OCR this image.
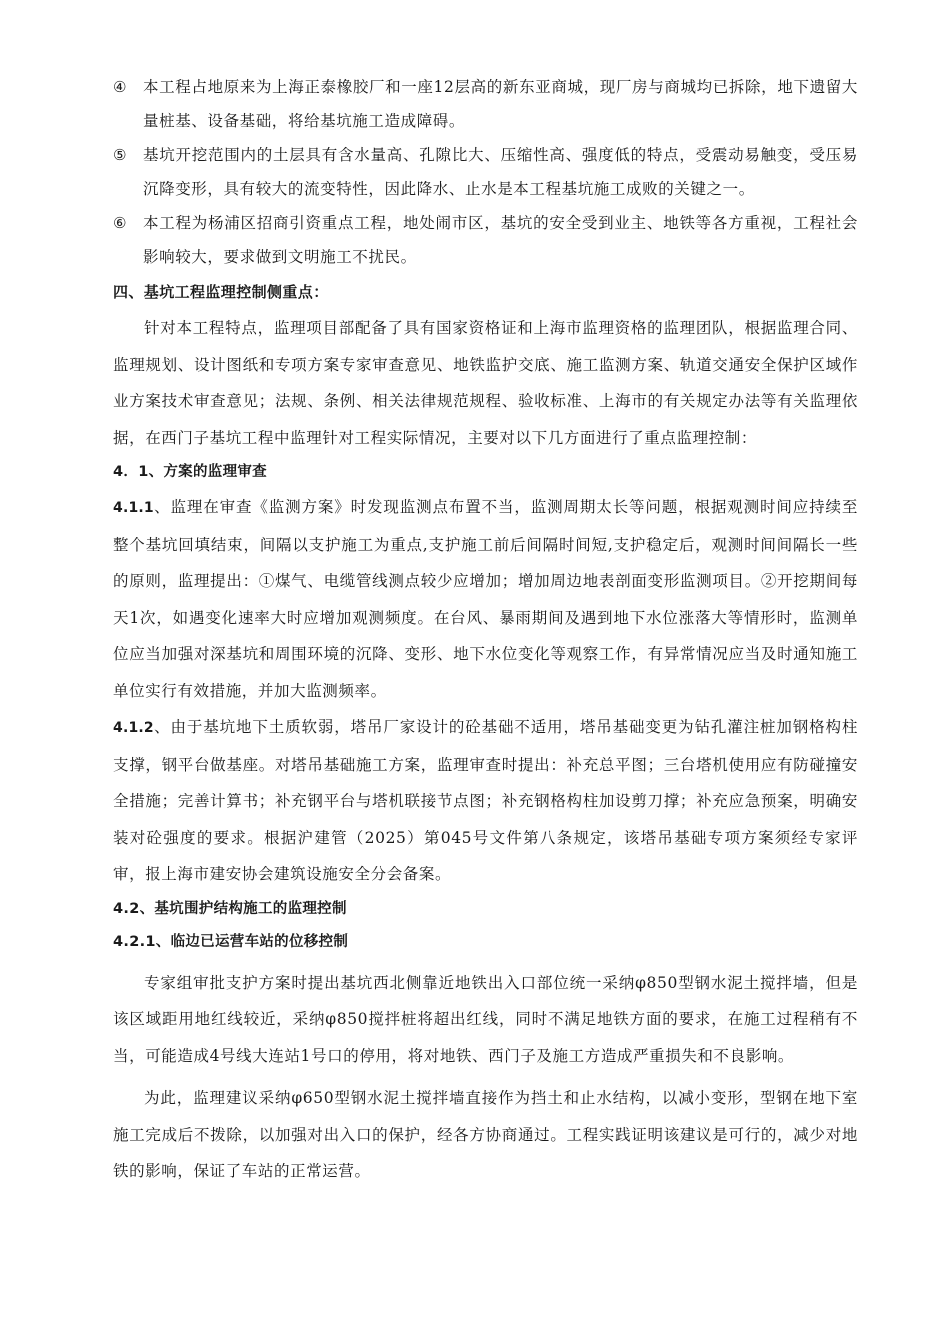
④	本工程占地原来为上海正泰橡胶厂和一座12层高的新东亚商城，现厂房与商城均已拆除，地下遗留大量桩基、设备基础，将给基坑施工造成障碍。
⑤	基坑开挖范围内的土层具有含水量高、孔隙比大、压缩性高、强度低的特点，受震动易触变，受压易沉降变形，具有较大的流变特性，因此降水、止水是本工程基坑施工成败的关键之一。
⑥	本工程为杨浦区招商引资重点工程，地处闹市区，基坑的安全受到业主、地铁等各方重视，工程社会影响较大，要求做到文明施工不扰民。
四、基坑工程监理控制侧重点：
针对本工程特点，监理项目部配备了具有国家资格证和上海市监理资格的监理团队，根据监理合同、监理规划、设计图纸和专项方案专家审查意见、地铁监护交底、施工监测方案、轨道交通安全保护区域作业方案技术审查意见；法规、条例、相关法律规范规程、验收标准、上海市的有关规定办法等有关监理依据，在西门子基坑工程中监理针对工程实际情况，主要对以下几方面进行了重点监理控制：
4．1、方案的监理审查
4.1.1、监理在审查《监测方案》时发现监测点布置不当，监测周期太长等问题，根据观测时间应持续至整个基坑回填结束，间隔以支护施工为重点,支护施工前后间隔时间短,支护稳定后，观测时间间隔长一些的原则，监理提出：①煤气、电缆管线测点较少应增加；增加周边地表剖面变形监测项目。②开挖期间每天1次，如遇变化速率大时应增加观测频度。在台风、暴雨期间及遇到地下水位涨落大等情形时，监测单位应当加强对深基坑和周围环境的沉降、变形、地下水位变化等观察工作，有异常情况应当及时通知施工单位实行有效措施，并加大监测频率。
4.1.2、由于基坑地下土质软弱，塔吊厂家设计的砼基础不适用，塔吊基础变更为钻孔灌注桩加钢格构柱支撑，钢平台做基座。对塔吊基础施工方案，监理审查时提出：补充总平图；三台塔机使用应有防碰撞安全措施；完善计算书；补充钢平台与塔机联接节点图；补充钢格构柱加设剪刀撑；补充应急预案，明确安装对砼强度的要求。根据沪建管（2025）第045号文件第八条规定，该塔吊基础专项方案须经专家评审，报上海市建安协会建筑设施安全分会备案。
4.2、基坑围护结构施工的监理控制
4.2.1、临边已运营车站的位移控制
专家组审批支护方案时提出基坑西北侧靠近地铁出入口部位统一采纳φ850型钢水泥土搅拌墙，但是该区域距用地红线较近，采纳φ850搅拌桩将超出红线，同时不满足地铁方面的要求，在施工过程稍有不当，可能造成4号线大连站1号口的停用，将对地铁、西门子及施工方造成严重损失和不良影响。
为此，监理建议采纳φ650型钢水泥土搅拌墙直接作为挡土和止水结构，以减小变形，型钢在地下室施工完成后不拨除，以加强对出入口的保护，经各方协商通过。工程实践证明该建议是可行的，减少对地铁的影响，保证了车站的正常运营。
